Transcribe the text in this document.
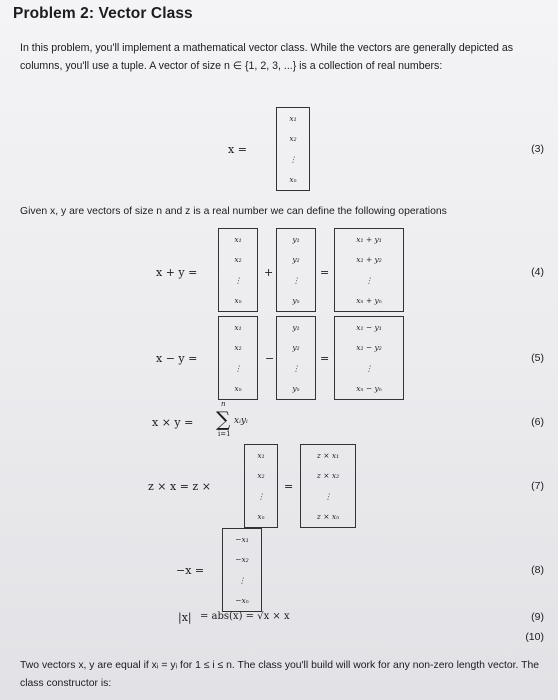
Problem 2: Vector Class
In this problem, you'll implement a mathematical vector class. While the vectors are generally depicted as columns, you'll use a tuple. A vector of size n ∈ {1, 2, 3, ...} is a collection of real numbers:
x =
x₁
x₂
⋮
xₙ
(3)
Given x, y are vectors of size n and z is a real number we can define the following operations
x + y =
x₁
x₂
⋮
xₙ
+
y₁
y₂
⋮
yₙ
=
x₁ + y₁
x₂ + y₂
⋮
xₙ + yₙ
(4)
x − y =
x₁
x₂
⋮
xₙ
−
y₁
y₂
⋮
yₙ
=
x₁ − y₁
x₂ − y₂
⋮
xₙ − yₙ
(5)
x × y =
n
∑
i=1
xᵢyᵢ	(6)
z × x = z ×
x₁
x₂
⋮
xₙ
=
z × x₁
z × x₂
⋮
z × xₙ
(7)
−x =
−x₁
−x₂
⋮
−xₙ
(8)
|x| = abs(x) = √x × x	(9)
(10)
Two vectors x, y are equal if xᵢ = yᵢ for 1 ≤ i ≤ n. The class you'll build will work for any non-zero length vector. The class constructor is:
